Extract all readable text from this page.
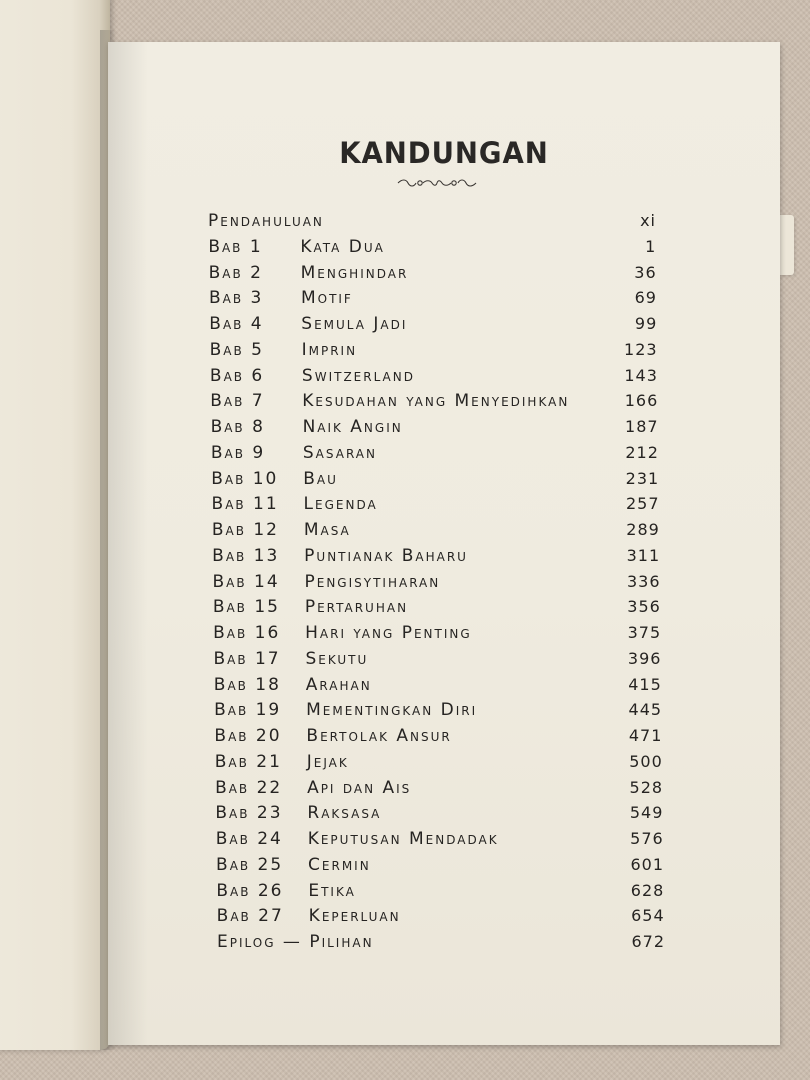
KANDUNGAN
Pendahuluan	xi
Bab 1	Kata Dua	1
Bab 2	Menghindar	36
Bab 3	Motif	69
Bab 4	Semula Jadi	99
Bab 5	Imprin	123
Bab 6	Switzerland	143
Bab 7	Kesudahan yang Menyedihkan	166
Bab 8	Naik Angin	187
Bab 9	Sasaran	212
Bab 10	Bau	231
Bab 11	Legenda	257
Bab 12	Masa	289
Bab 13	Puntianak Baharu	311
Bab 14	Pengisytiharan	336
Bab 15	Pertaruhan	356
Bab 16	Hari yang Penting	375
Bab 17	Sekutu	396
Bab 18	Arahan	415
Bab 19	Mementingkan Diri	445
Bab 20	Bertolak Ansur	471
Bab 21	Jejak	500
Bab 22	Api dan Ais	528
Bab 23	Raksasa	549
Bab 24	Keputusan Mendadak	576
Bab 25	Cermin	601
Bab 26	Etika	628
Bab 27	Keperluan	654
Epilog — Pilihan	672
